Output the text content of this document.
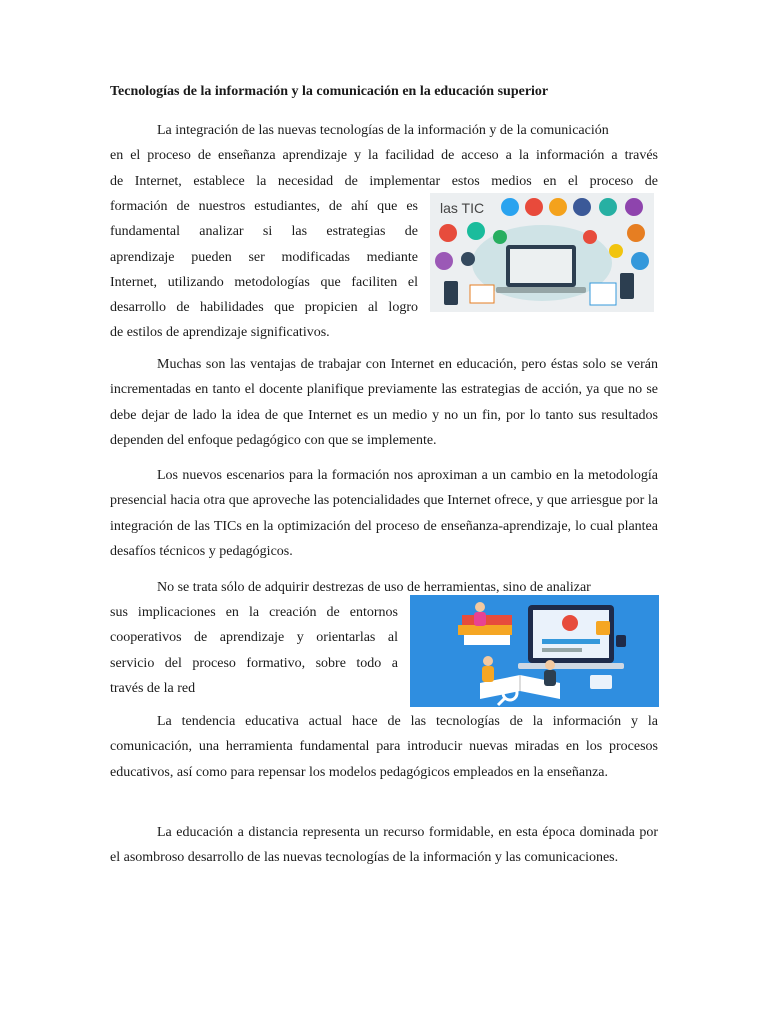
Tecnologías de la información y la comunicación en la educación superior
La integración de las nuevas tecnologías de la información y de la comunicación
en el proceso de enseñanza aprendizaje y la facilidad de acceso a la información a través
de Internet, establece la necesidad de implementar estos medios en el proceso de
formación de nuestros estudiantes, de ahí que es
fundamental analizar si las estrategias de
aprendizaje pueden ser modificadas mediante
Internet, utilizando metodologías que faciliten el
desarrollo de habilidades que propicien al logro
de estilos de aprendizaje significativos.
las TIC
Muchas son las ventajas de trabajar con Internet en educación, pero éstas solo se verán incrementadas en tanto el docente planifique previamente las estrategias de acción, ya que no se debe dejar de lado la idea de que Internet es un medio y no un fin, por lo tanto sus resultados dependen del enfoque pedagógico con que se implemente.
Los nuevos escenarios para la formación nos aproximan a un cambio en la metodología presencial hacia otra que aproveche las potencialidades que Internet ofrece, y que arriesgue por la integración de las TICs en la optimización del proceso de enseñanza-aprendizaje, lo cual plantea desafíos técnicos y pedagógicos.
No se trata sólo de adquirir destrezas de uso de herramientas, sino de analizar
sus implicaciones en la creación de entornos
cooperativos de aprendizaje y orientarlas al
servicio del proceso formativo, sobre todo a
través de la red
La tendencia educativa actual hace de las tecnologías de la información y la comunicación, una herramienta fundamental para introducir nuevas miradas en los procesos educativos, así como para repensar los modelos pedagógicos empleados en la enseñanza.
La educación a distancia representa un recurso formidable, en esta época dominada por el asombroso desarrollo de las nuevas tecnologías de la información y las comunicaciones.
